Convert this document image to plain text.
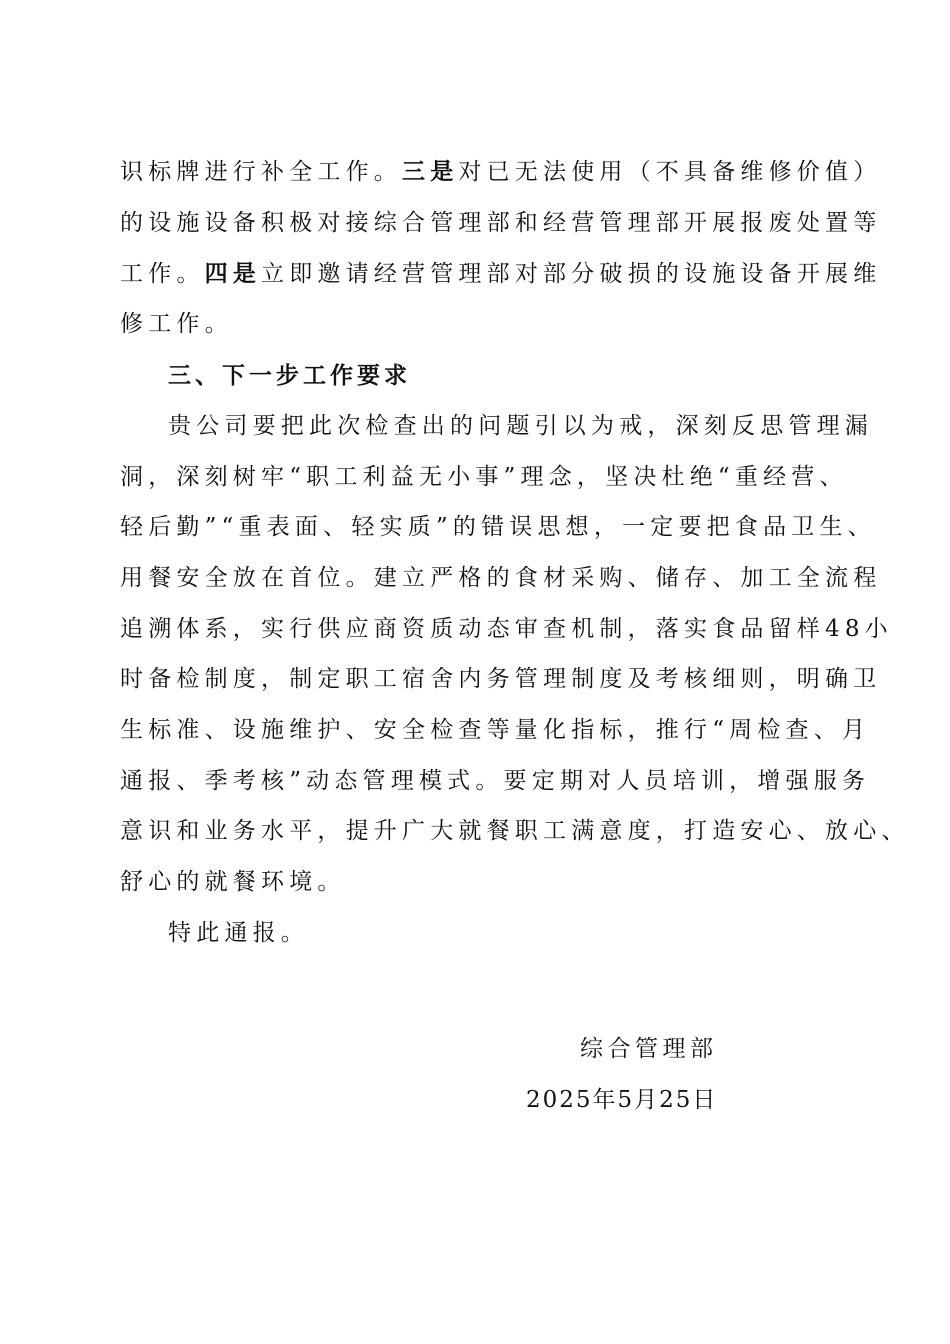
识标牌进行补全工作。三是对已无法使用（不具备维修价值）
的设施设备积极对接综合管理部和经营管理部开展报废处置等
工作。四是立即邀请经营管理部对部分破损的设施设备开展维
修工作。
三、下一步工作要求
贵公司要把此次检查出的问题引以为戒，深刻反思管理漏
洞，深刻树牢“职工利益无小事”理念，坚决杜绝“重经营、
轻后勤”“重表面、轻实质”的错误思想，一定要把食品卫生、
用餐安全放在首位。建立严格的食材采购、储存、加工全流程
追溯体系，实行供应商资质动态审查机制，落实食品留样48小
时备检制度，制定职工宿舍内务管理制度及考核细则，明确卫
生标准、设施维护、安全检查等量化指标，推行“周检查、月
通报、季考核”动态管理模式。要定期对人员培训，增强服务
意识和业务水平，提升广大就餐职工满意度，打造安心、放心、
舒心的就餐环境。
特此通报。
综合管理部
2025年5月25日
